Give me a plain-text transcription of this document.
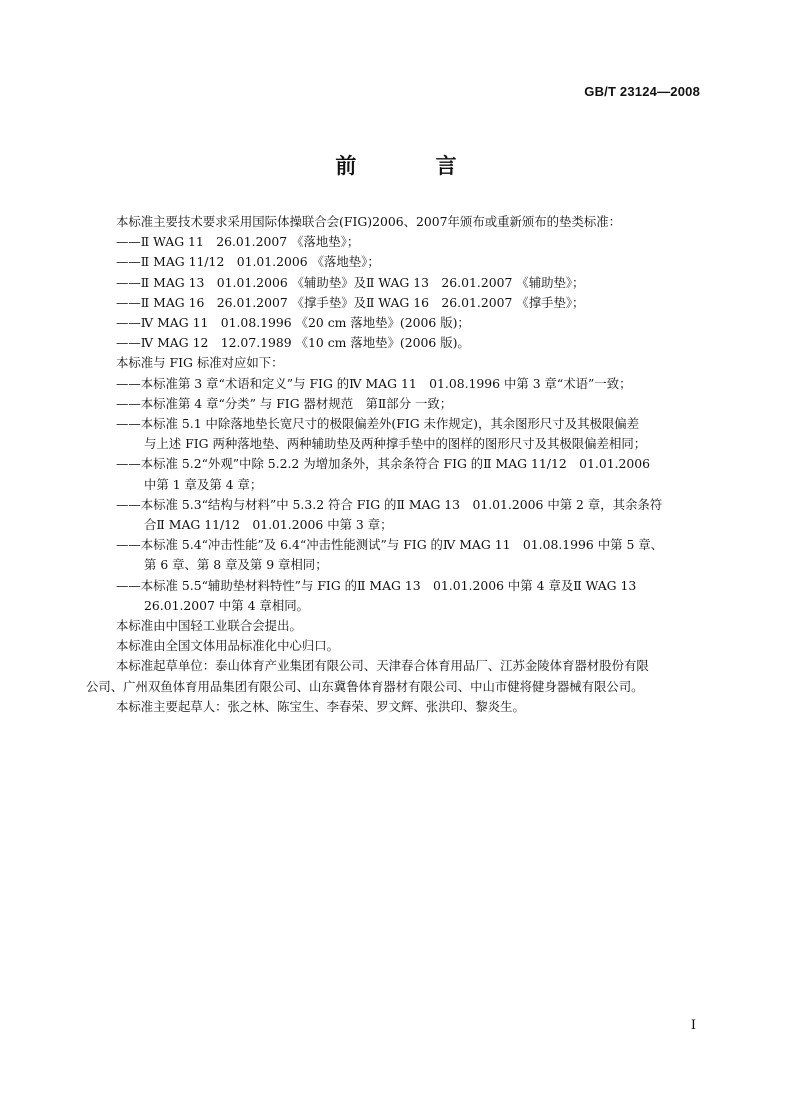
GB/T 23124—2008
前 言
本标准主要技术要求采用国际体操联合会(FIG)2006、2007年颁布或重新颁布的垫类标准：
——Ⅱ WAG 11　26.01.2007 《落地垫》；
——Ⅱ MAG 11/12　01.01.2006 《落地垫》；
——Ⅱ MAG 13　01.01.2006 《辅助垫》及Ⅱ WAG 13　26.01.2007 《辅助垫》；
——Ⅱ MAG 16　26.01.2007 《撑手垫》及Ⅱ WAG 16　26.01.2007 《撑手垫》；
——Ⅳ MAG 11　01.08.1996 《20 cm 落地垫》(2006 版)；
——Ⅳ MAG 12　12.07.1989 《10 cm 落地垫》(2006 版)。
本标准与 FIG 标准对应如下：
——本标准第 3 章“术语和定义”与 FIG 的Ⅳ MAG 11　01.08.1996 中第 3 章“术语”一致；
——本标准第 4 章“分类” 与 FIG 器材规范　第Ⅱ部分 一致；
——本标准 5.1 中除落地垫长宽尺寸的极限偏差外(FIG 未作规定)，其余图形尺寸及其极限偏差
与上述 FIG 两种落地垫、两种辅助垫及两种撑手垫中的图样的图形尺寸及其极限偏差相同；
——本标准 5.2“外观”中除 5.2.2 为增加条外，其余条符合 FIG 的Ⅱ MAG 11/12　01.01.2006
中第 1 章及第 4 章；
——本标准 5.3“结构与材料”中 5.3.2 符合 FIG 的Ⅱ MAG 13　01.01.2006 中第 2 章，其余条符
合Ⅱ MAG 11/12　01.01.2006 中第 3 章；
——本标准 5.4“冲击性能”及 6.4“冲击性能测试”与 FIG 的Ⅳ MAG 11　01.08.1996 中第 5 章、
第 6 章、第 8 章及第 9 章相同；
——本标准 5.5“辅助垫材料特性”与 FIG 的Ⅱ MAG 13　01.01.2006 中第 4 章及Ⅱ WAG 13
26.01.2007 中第 4 章相同。
本标准由中国轻工业联合会提出。
本标准由全国文体用品标准化中心归口。
本标准起草单位：泰山体育产业集团有限公司、天津春合体育用品厂、江苏金陵体育器材股份有限
公司、广州双鱼体育用品集团有限公司、山东冀鲁体育器材有限公司、中山市健将健身器械有限公司。
本标准主要起草人：张之林、陈宝生、李春荣、罗文辉、张洪印、黎炎生。
I
